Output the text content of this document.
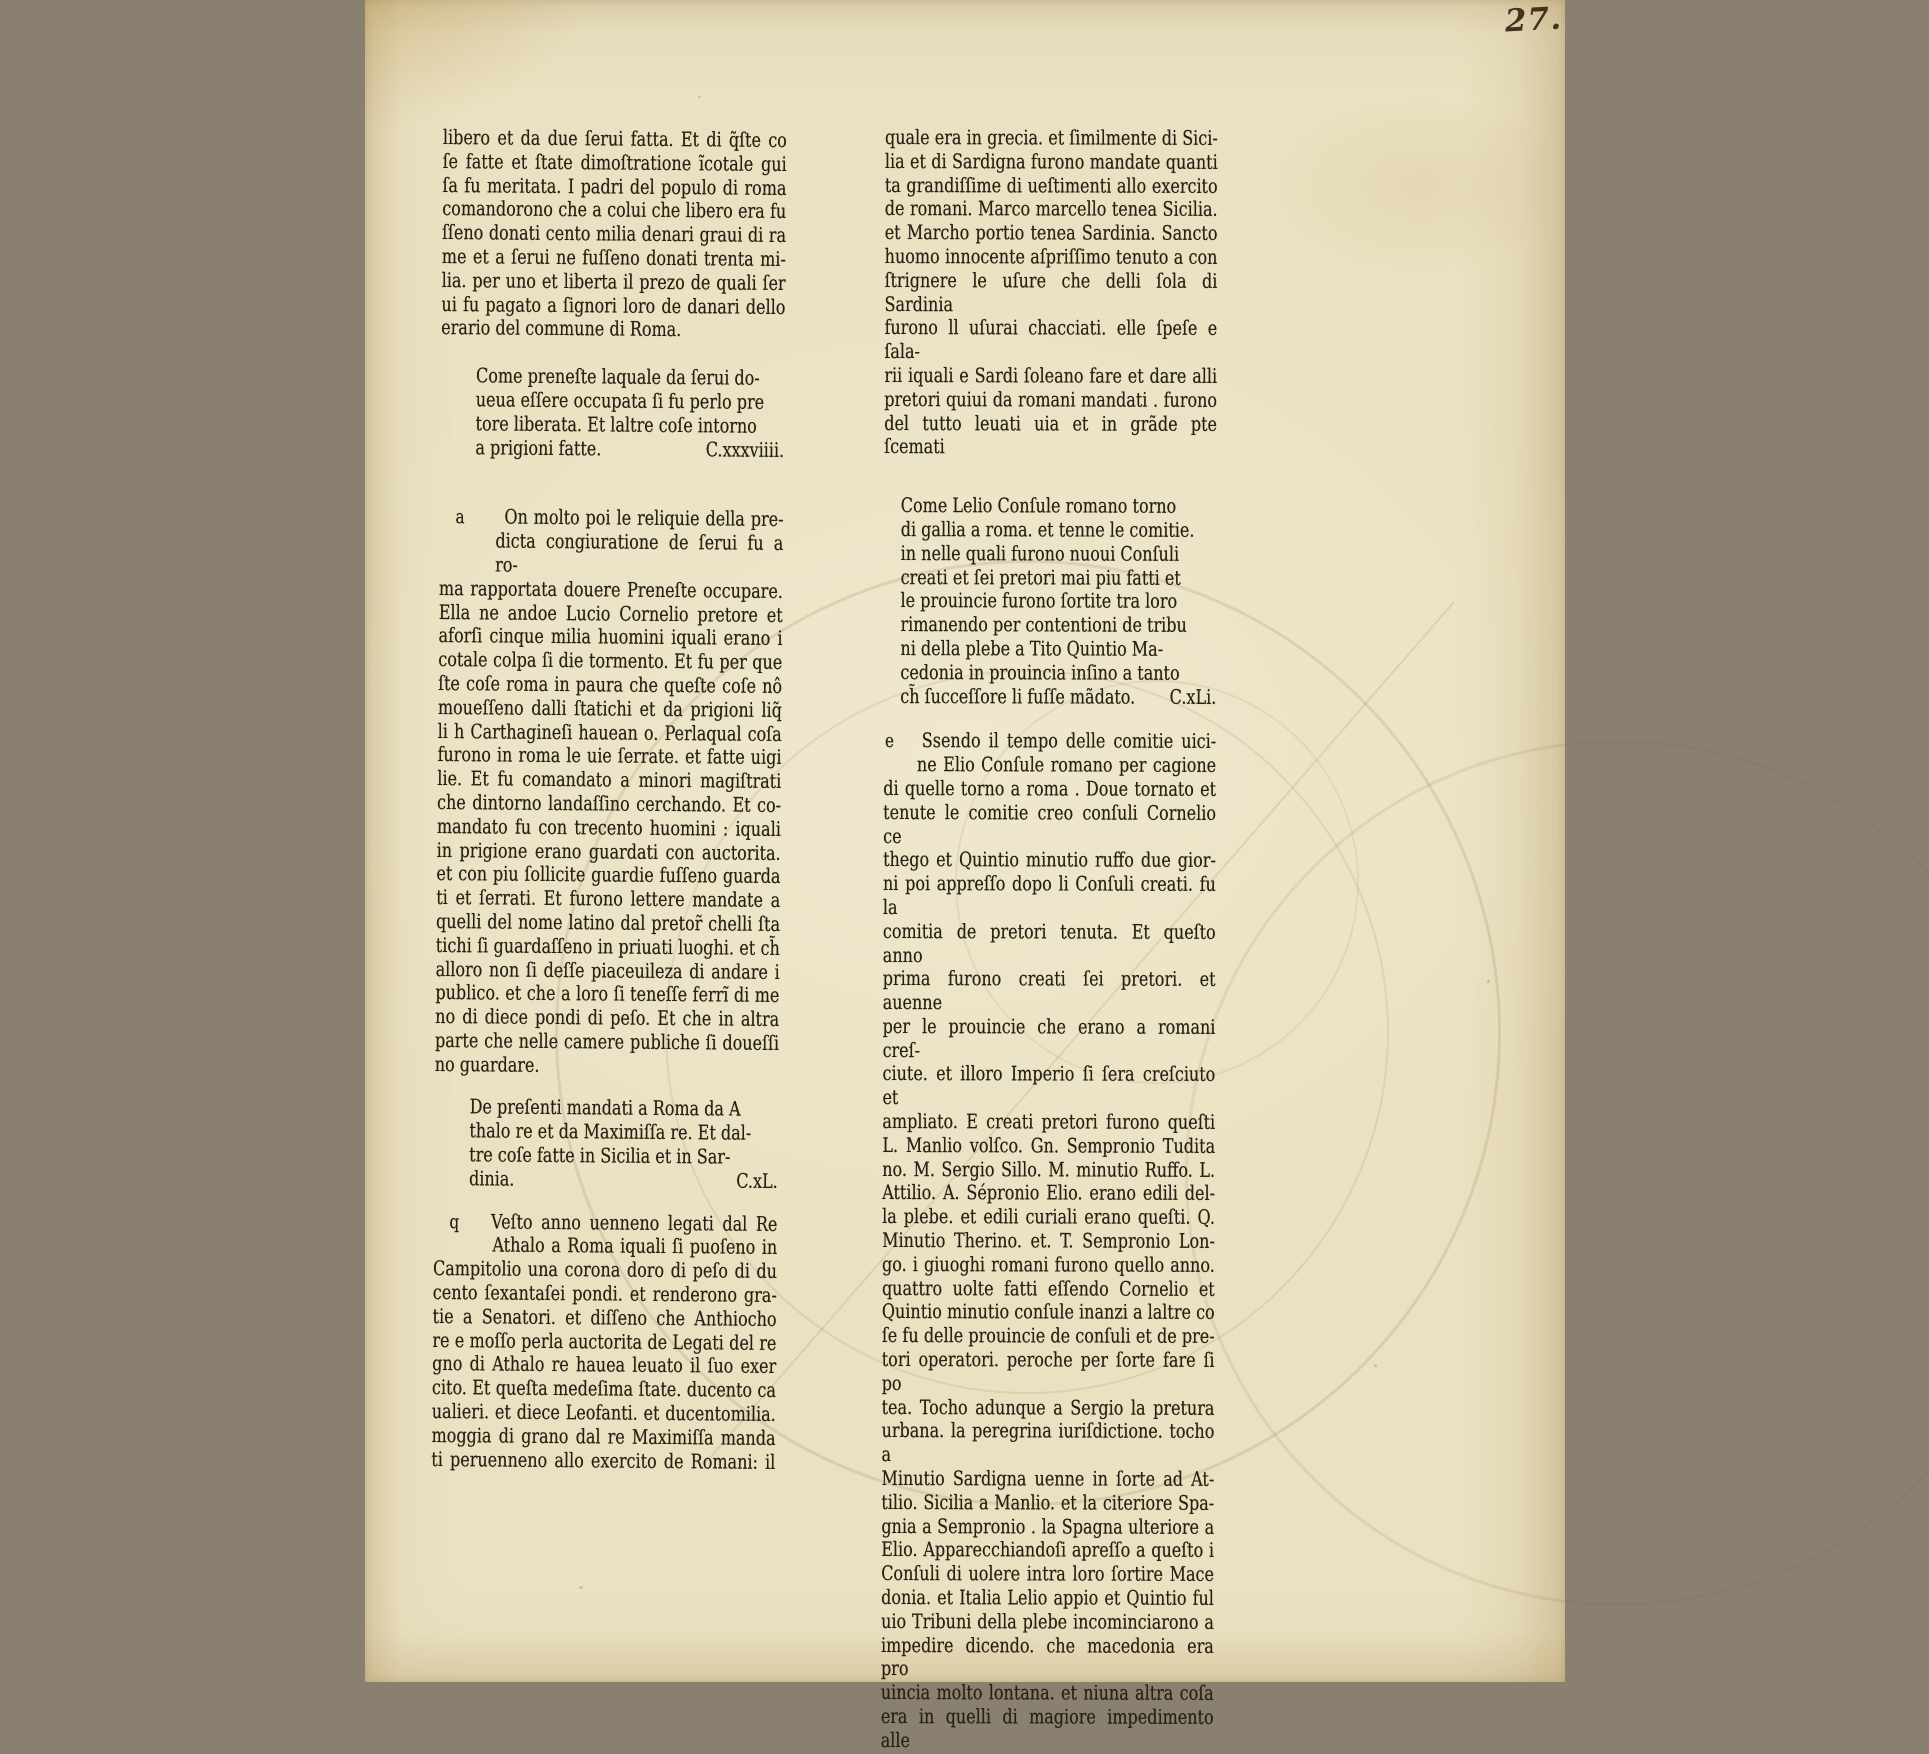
27.
libero et da due ſerui fatta. Et di q̃ſte co
ſe fatte et ſtate dimoſtratione ĩcotale gui
ſa fu meritata. I padri del populo di roma
comandorono che a colui che libero era fu
ſſeno donati cento milia denari graui di ra
me et a ſerui ne fuſſeno donati trenta mi-
lia. per uno et liberta il prezo de quali ſer
ui fu pagato a ſignori loro de danari dello
erario del commune di Roma.
Come preneſte laquale da ſerui do-
ueua eſſere occupata ſi fu perlo pre
tore liberata. Et laltre coſe intorno
a prigioni fatte.	C.xxxviiii.
a	On molto poi le reliquie della pre-
dicta congiuratione de ſerui fu a ro-
ma rapportata douere Preneſte occupare.
Ella ne andoe Lucio Cornelio pretore et
aforſi cinque milia huomini iquali erano i
cotale colpa ſi die tormento. Et fu per que
ſte coſe roma in paura che queſte coſe nô
moueſſeno dalli ſtatichi et da prigioni liq̃
li h Carthagineſi hauean o. Perlaqual coſa
furono in roma le uie ſerrate. et fatte uigi
lie. Et fu comandato a minori magiſtrati
che dintorno landaſſino cerchando. Et co-
mandato fu con trecento huomini : iquali
in prigione erano guardati con auctorita.
et con piu ſollicite guardie fuſſeno guarda
ti et ſerrati. Et furono lettere mandate a
quelli del nome latino dal pretor̃ chelli ſta
tichi ſi guardaſſeno in priuati luoghi. et ch̃
alloro non ſi deſſe piaceuileza di andare i
publico. et che a loro ſi teneſſe ferrĩ di me
no di diece pondi di peſo. Et che in altra
parte che nelle camere publiche ſi doueſſi
no guardare.
De preſenti mandati a Roma da A
thalo re et da Maximiſſa re. Et dal-
tre coſe fatte in Sicilia et in Sar-
dinia.	C.xL.
q	Veſto anno uenneno legati dal Re
Athalo a Roma iquali ſi puoſeno in
Campitolio una corona doro di peſo di du
cento ſexantaſei pondi. et renderono gra-
tie a Senatori. et diſſeno che Anthiocho
re e moſſo perla auctorita de Legati del re
gno di Athalo re hauea leuato il ſuo exer
cito. Et queſta medeſima ſtate. ducento ca
ualieri. et diece Leofanti. et ducentomilia.
moggia di grano dal re Maximiſſa manda
ti peruenneno allo exercito de Romani: il
quale era in grecia. et ſimilmente di Sici-
lia et di Sardigna furono mandate quanti
ta grandiſſime di ueſtimenti allo exercito
de romani. Marco marcello tenea Sicilia.
et Marcho portio tenea Sardinia. Sancto
huomo innocente aſpriſſimo tenuto a con
ſtrignere le uſure che delli ſola di Sardinia
furono ll uſurai chacciati. elle ſpeſe e ſala-
rii iquali e Sardi ſoleano fare et dare alli
pretori quiui da romani mandati . furono
del tutto leuati uia et in grãde pte ſcemati
Come Lelio Conſule romano torno
di gallia a roma. et tenne le comitie.
in nelle quali furono nuoui Conſuli
creati et ſei pretori mai piu fatti et
le prouincie furono ſortite tra loro
rimanendo per contentioni de tribu
ni della plebe a Tito Quintio Ma-
cedonia in prouincia inſino a tanto
ch̃ ſucceſſore li fuſſe mãdato. C.xLi.
e	Ssendo il tempo delle comitie uici-
ne Elio Conſule romano per cagione
di quelle torno a roma . Doue tornato et
tenute le comitie creo conſuli Cornelio ce
thego et Quintio minutio ruffo due gior-
ni poi appreſſo dopo li Conſuli creati. fu la
comitia de pretori tenuta. Et queſto anno
prima furono creati ſei pretori. et auenne
per le prouincie che erano a romani creſ-
ciute. et illoro Imperio ſi ſera creſciuto et
ampliato. E creati pretori furono queſti
L. Manlio volſco. Gn. Sempronio Tudita
no. M. Sergio Sillo. M. minutio Ruffo. L.
Attilio. A. Sépronio Elio. erano edili del-
la plebe. et edili curiali erano queſti. Q.
Minutio Therino. et. T. Sempronio Lon-
go. i giuoghi romani furono quello anno.
quattro uolte fatti eſſendo Cornelio et
Quintio minutio conſule inanzi a laltre co
ſe fu delle prouincie de conſuli et de pre-
tori operatori. peroche per ſorte fare ſi po
tea. Tocho adunque a Sergio la pretura
urbana. la peregrina iuriſdictione. tocho a
Minutio Sardigna uenne in ſorte ad At-
tilio. Sicilia a Manlio. et la citeriore Spa-
gnia a Sempronio . la Spagna ulteriore a
Elio. Apparecchiandoſi apreſſo a queſto i
Conſuli di uolere intra loro ſortire Mace
donia. et Italia Lelio appio et Quintio ful
uio Tribuni della plebe incominciarono a
impedire dicendo. che macedonia era pro
uincia molto lontana. et niuna altra coſa
era in quelli di magiore impedimento alle
